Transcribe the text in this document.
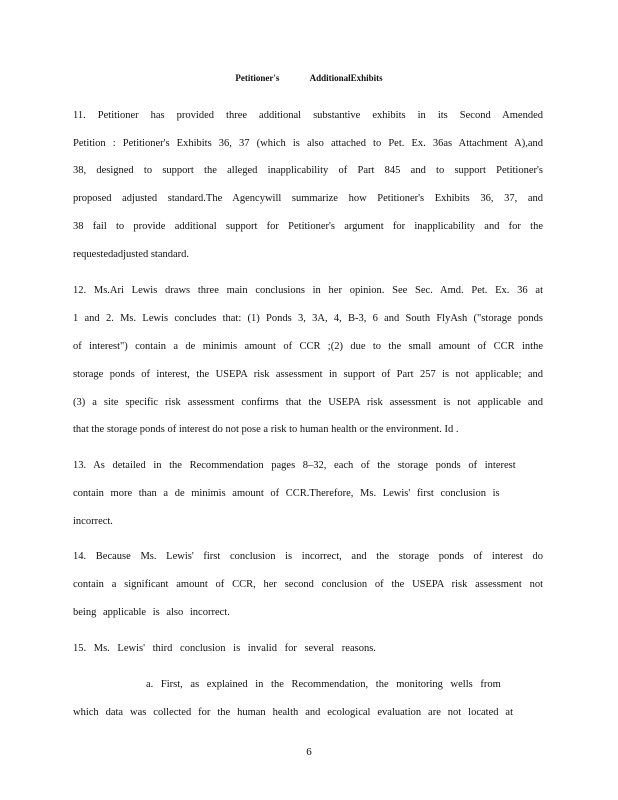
Petitioner's	AdditionalExhibits
11. Petitioner has provided three additional substantive exhibits in its Second Amended
Petition : Petitioner's Exhibits 36, 37 (which is also attached to Pet. Ex. 36as Attachment A),and
38, designed to support the alleged inapplicability of Part 845 and to support Petitioner's
proposed adjusted standard.The Agencywill summarize how Petitioner's Exhibits 36, 37, and
38 fail to provide additional support for Petitioner's argument for inapplicability and for the
requestedadjusted standard.
12. Ms.Ari Lewis draws three main conclusions in her opinion. See Sec. Amd. Pet. Ex. 36 at
1 and 2. Ms. Lewis concludes that: (1) Ponds 3, 3A, 4, B-3, 6 and South FlyAsh ("storage ponds
of interest") contain a de minimis amount of CCR ;(2) due to the small amount of CCR inthe
storage ponds of interest, the USEPA risk assessment in support of Part 257 is not applicable; and
(3) a site specific risk assessment confirms that the USEPA risk assessment is not applicable and
that the storage ponds of interest do not pose a risk to human health or the environment. Id .
13. As detailed in the Recommendation pages 8–32, each of the storage ponds of interest
contain more than a de minimis amount of CCR.Therefore, Ms. Lewis' first conclusion is
incorrect.
14. Because Ms. Lewis' first conclusion is incorrect, and the storage ponds of interest do
contain a significant amount of CCR, her second conclusion of the USEPA risk assessment not
being applicable is also incorrect.
15. Ms. Lewis' third conclusion is invalid for several reasons.
a. First, as explained in the Recommendation, the monitoring wells from
which data was collected for the human health and ecological evaluation are not located at
6
